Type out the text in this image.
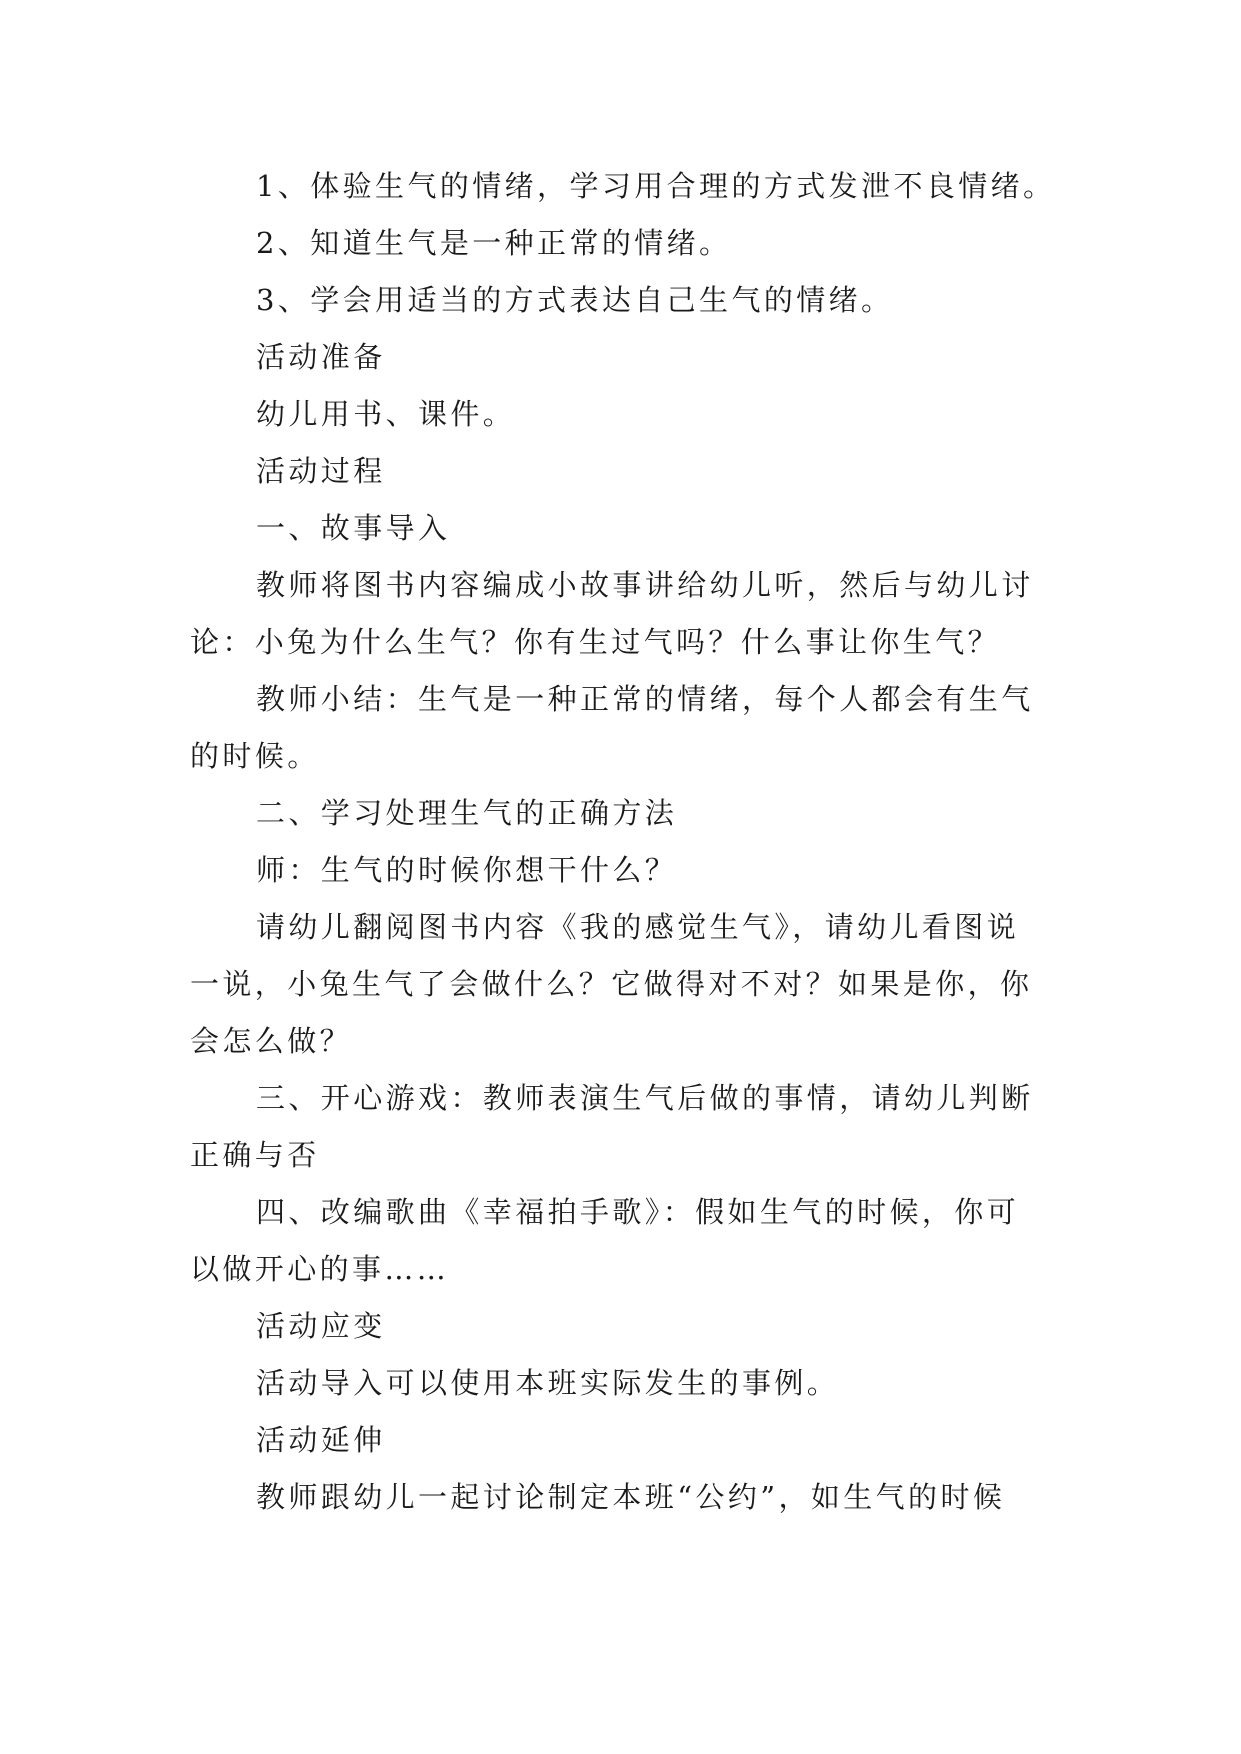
1、体验生气的情绪，学习用合理的方式发泄不良情绪。
2、知道生气是一种正常的情绪。
3、学会用适当的方式表达自己生气的情绪。
活动准备
幼儿用书、课件。
活动过程
一、故事导入
教师将图书内容编成小故事讲给幼儿听，然后与幼儿讨
论：小兔为什么生气？你有生过气吗？什么事让你生气？
教师小结：生气是一种正常的情绪，每个人都会有生气
的时候。
二、学习处理生气的正确方法
师：生气的时候你想干什么？
请幼儿翻阅图书内容《我的感觉生气》，请幼儿看图说
一说，小兔生气了会做什么？它做得对不对？如果是你，你
会怎么做？
三、开心游戏：教师表演生气后做的事情，请幼儿判断
正确与否
四、改编歌曲《幸福拍手歌》：假如生气的时候，你可
以做开心的事……
活动应变
活动导入可以使用本班实际发生的事例。
活动延伸
教师跟幼儿一起讨论制定本班“公约”，如生气的时候
